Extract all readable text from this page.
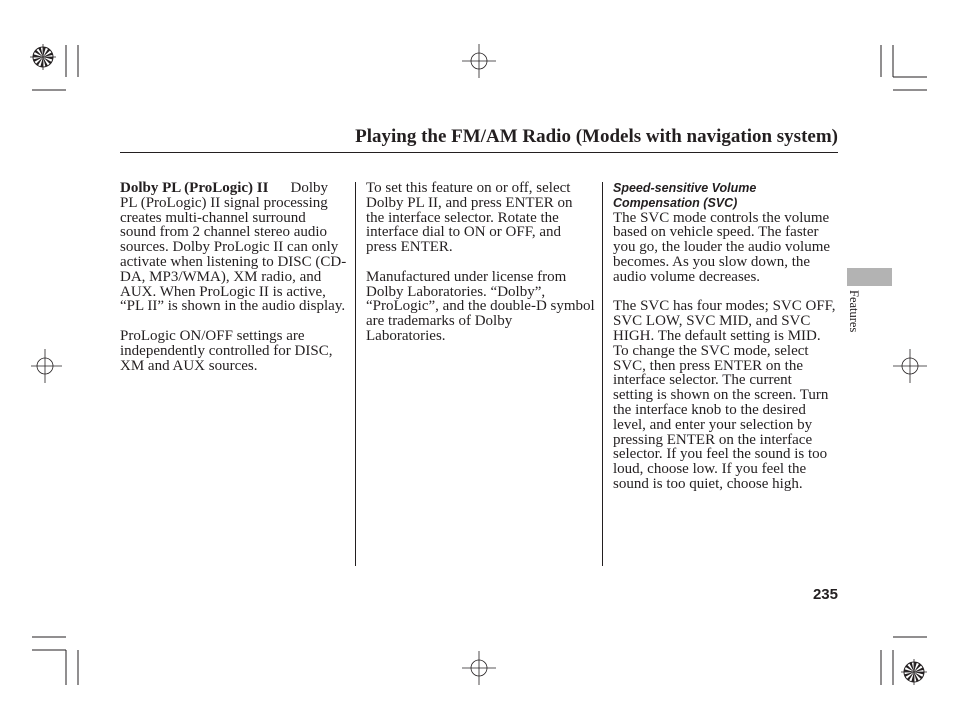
Playing the FM/AM Radio (Models with navigation system)
Dolby PL (ProLogic) II Dolby
PL (ProLogic) II signal processing
creates multi-channel surround
sound from 2 channel stereo audio
sources. Dolby ProLogic II can only
activate when listening to DISC (CD-
DA, MP3/WMA), XM radio, and
AUX. When ProLogic II is active,
“PL II” is shown in the audio display.
ProLogic ON/OFF settings are
independently controlled for DISC,
XM and AUX sources.
To set this feature on or off, select
Dolby PL II, and press ENTER on
the interface selector. Rotate the
interface dial to ON or OFF, and
press ENTER.
Manufactured under license from
Dolby Laboratories. “Dolby”,
“ProLogic”, and the double-D symbol
are trademarks of Dolby
Laboratories.
Speed-sensitive Volume
Compensation (SVC)
The SVC mode controls the volume
based on vehicle speed. The faster
you go, the louder the audio volume
becomes. As you slow down, the
audio volume decreases.
The SVC has four modes; SVC OFF,
SVC LOW, SVC MID, and SVC
HIGH. The default setting is MID.
To change the SVC mode, select
SVC, then press ENTER on the
interface selector. The current
setting is shown on the screen. Turn
the interface knob to the desired
level, and enter your selection by
pressing ENTER on the interface
selector. If you feel the sound is too
loud, choose low. If you feel the
sound is too quiet, choose high.
Features
235
